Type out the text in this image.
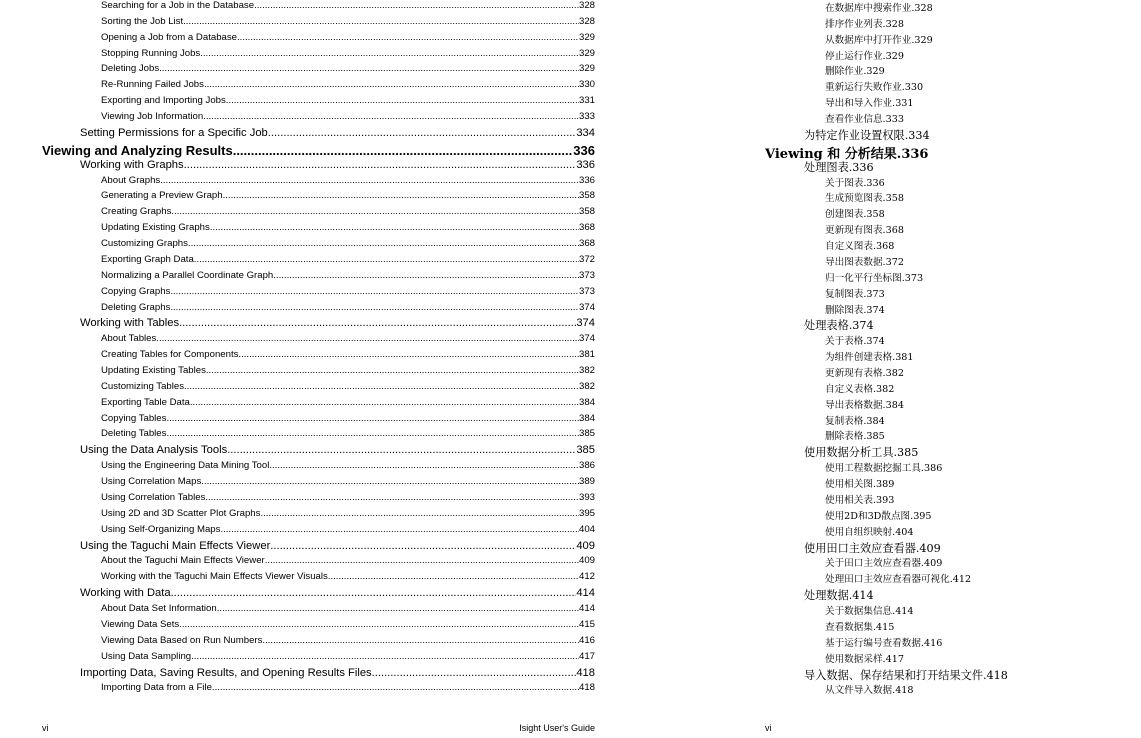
Searching for a Job in the Database .....	328
Sorting the Job List .....	328
Opening a Job from a Database .....	329
Stopping Running Jobs .....	329
Deleting Jobs .....	329
Re-Running Failed Jobs .....	330
Exporting and Importing Jobs .....	331
Viewing Job Information .....	333
Setting Permissions for a Specific Job .....	334
Viewing and Analyzing Results .....	336
Working with Graphs .....	336
About Graphs .....	336
Generating a Preview Graph .....	358
Creating Graphs .....	358
Updating Existing Graphs .....	368
Customizing Graphs .....	368
Exporting Graph Data .....	372
Normalizing a Parallel Coordinate Graph .....	373
Copying Graphs .....	373
Deleting Graphs .....	374
Working with Tables .....	374
About Tables .....	374
Creating Tables for Components .....	381
Updating Existing Tables .....	382
Customizing Tables .....	382
Exporting Table Data .....	384
Copying Tables .....	384
Deleting Tables .....	385
Using the Data Analysis Tools .....	385
Using the Engineering Data Mining Tool .....	386
Using Correlation Maps .....	389
Using Correlation Tables .....	393
Using 2D and 3D Scatter Plot Graphs .....	395
Using Self-Organizing Maps .....	404
Using the Taguchi Main Effects Viewer .....	409
About the Taguchi Main Effects Viewer .....	409
Working with the Taguchi Main Effects Viewer Visuals .....	412
Working with Data .....	414
About Data Set Information .....	414
Viewing Data Sets .....	415
Viewing Data Based on Run Numbers .....	416
Using Data Sampling .....	417
Importing Data, Saving Results, and Opening Results Files .....	418
Importing Data from a File .....	418
vi	Isight User's Guide
在数据库中搜索作业.328
排序作业列表.328
从数据库中打开作业.329
停止运行作业.329
删除作业.329
重新运行失败作业.330
导出和导入作业.331
查看作业信息.333
为特定作业设置权限.334
Viewing 和 分析结果.336
处理图表.336
关于图表.336
生成预览图表.358
创建图表.358
更新现有图表.368
自定义图表.368
导出图表数据.372
归一化平行坐标图.373
复制图表.373
删除图表.374
处理表格.374
关于表格.374
为组件创建表格.381
更新现有表格.382
自定义表格.382
导出表格数据.384
复制表格.384
删除表格.385
使用数据分析工具.385
使用工程数据挖掘工具.386
使用相关图.389
使用相关表.393
使用2D和3D散点图.395
使用自组织映射.404
使用田口主效应查看器.409
关于田口主效应查看器.409
处理田口主效应查看器可视化.412
处理数据.414
关于数据集信息.414
查看数据集.415
基于运行编号查看数据.416
使用数据采样.417
导入数据、保存结果和打开结果文件.418
从文件导入数据.418
vi
